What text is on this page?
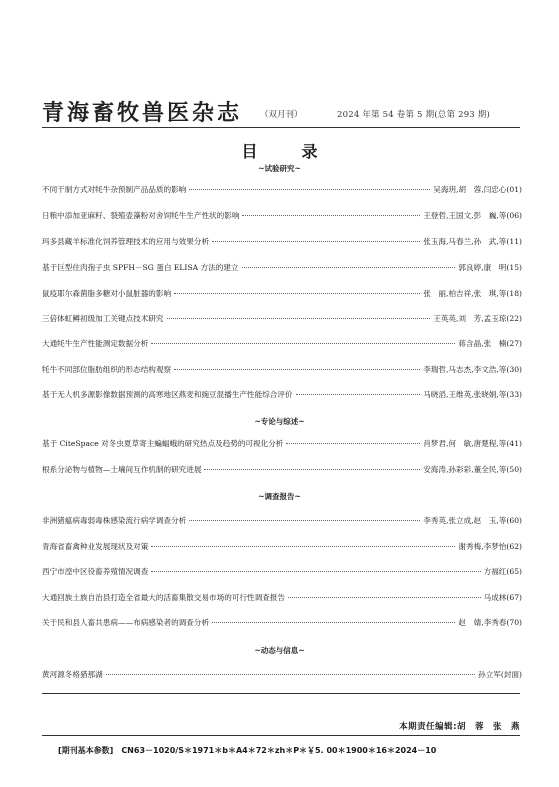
青海畜牧兽医杂志 （双月刊）	2024 年第 54 卷第 5 期(总第 293 期)
目　录
~试验研究~
不同干制方式对牦牛杂预制产品品质的影响	吴海玥,胡　蓉,闫忠心(01)
日粮中添加亚麻籽、裂殖壶藻粉对舍饲牦牛生产性状的影响	王登哲,王国文,彭　巍,等(06)
玛多县藏羊标准化饲养管理技术的应用与效果分析	张玉海,马春兰,孙　武,等(11)
基于巨型住肉孢子虫 SPFH－SG 蛋白 ELISA 方法的建立	郭良婷,康　明(15)
鼠疫耶尔森菌脂多糖对小鼠脏器的影响	张　丽,柏吉祥,张　琪,等(18)
三倍体虹鳟初级加工关键点技术研究	王英英,刘　芳,孟玉琼(22)
大通牦牛生产性能测定数据分析	蒋含晶,张　楠(27)
牦牛不同部位脂肪组织的形态结构观察	李瑞哲,马志杰,李文浩,等(30)
基于无人机多源影像数据预测的高寒地区燕麦和豌豆混播生产性能综合评价	马晓滔,王维英,张晓娟,等(33)
~专论与综述~
基于 CiteSpace 对冬虫夏草寄主蝙蝠蛾的研究热点及趋势的可视化分析	肖梦君,何　敏,唐楚程,等(41)
根系分泌物与植物—土壤间互作机制的研究进展	安海涛,孙彩彩,董全民,等(50)
~调查报告~
非洲猪瘟病毒弱毒株感染流行病学调查分析	李秀英,张立成,赵　玉,等(60)
青海省畜禽种业发展现状及对策	谢秀梅,李梦怡(62)
西宁市湟中区役畜养殖情况调查	方福红(65)
大通回族土族自治县打造全省最大的活畜集散交易市场的可行性调查报告	马成林(67)
关于民和县人畜共患病——布病感染者的调查分析	赵　婧,李秀春(70)
~动态与信息~
黄河源冬格猎那湖	孙立军(封面)
本期责任编辑:胡　蓉　张　燕
[期刊基本参数] CN63－1020/S＊1971＊b＊A4＊72＊zh＊P＊￥5. 00＊1900＊16＊2024－10
